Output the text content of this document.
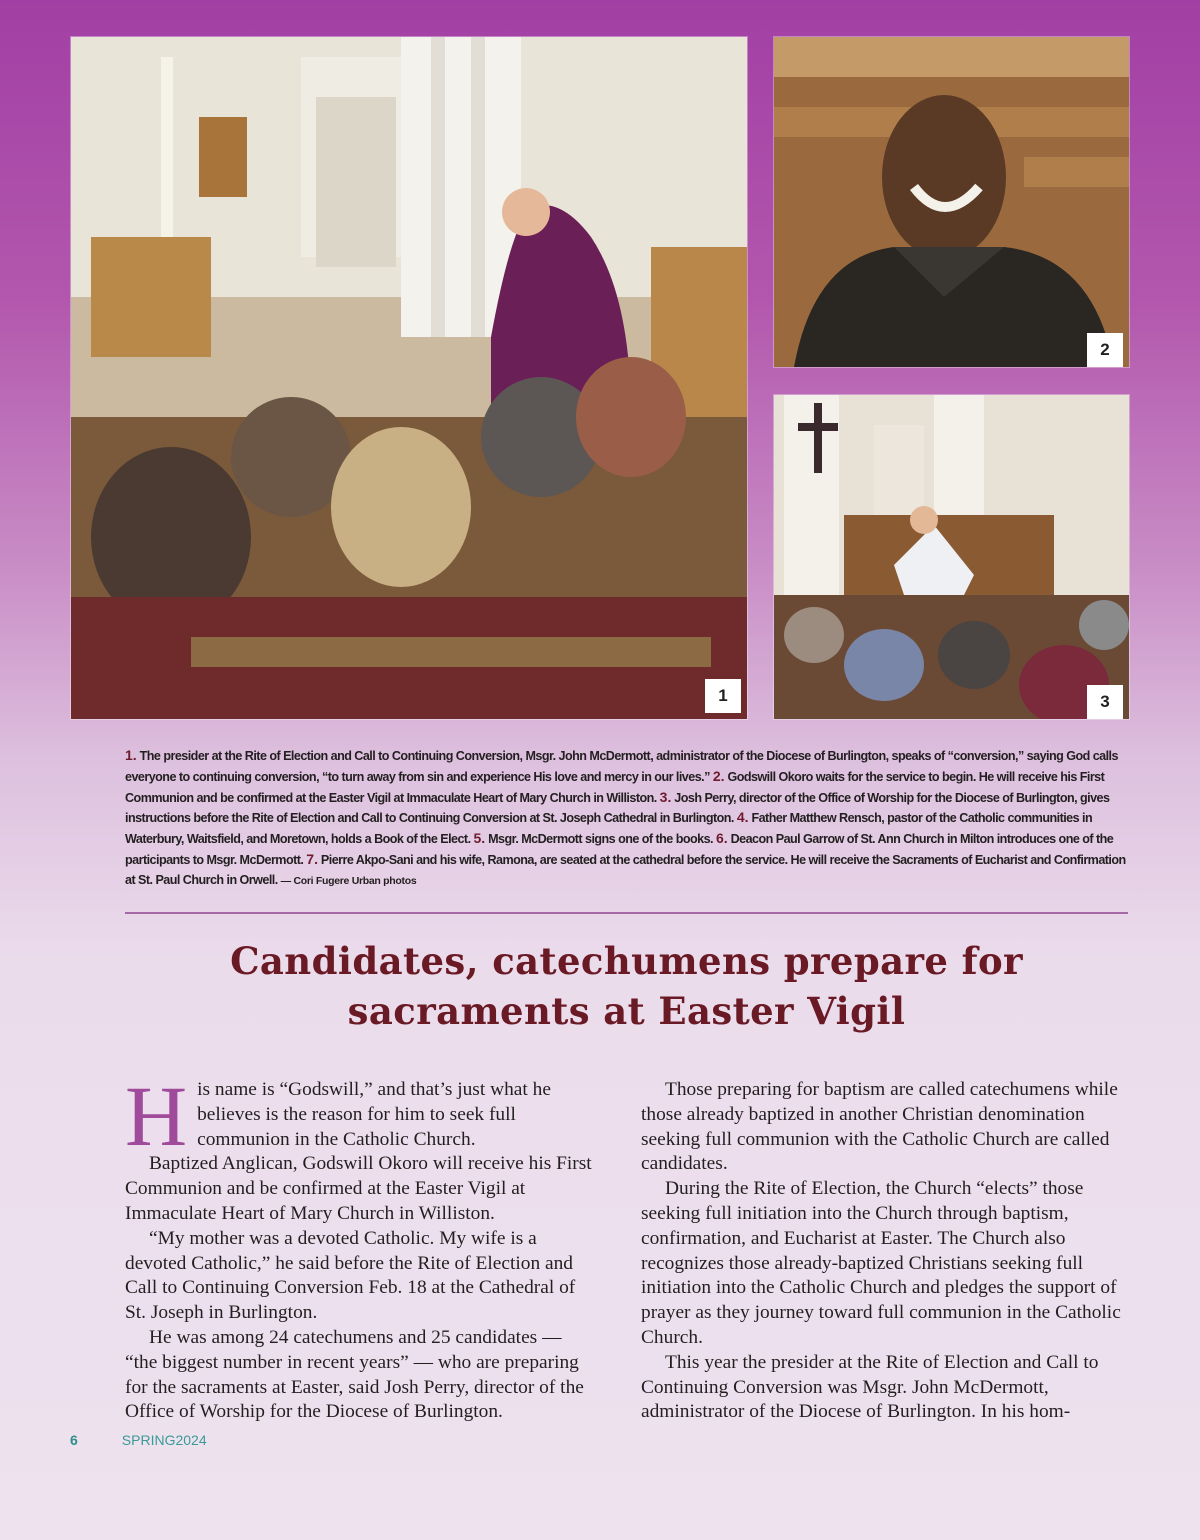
1
2
3

1. The presider at the Rite of Election and Call to Continuing Conversion, Msgr. John McDermott, administrator of the Diocese of Burlington, speaks of “conversion,” saying God calls everyone to continuing conversion, “to turn away from sin and experience His love and mercy in our lives.” 2. Godswill Okoro waits for the service to begin. He will receive his First Communion and be confirmed at the Easter Vigil at Immaculate Heart of Mary Church in Williston. 3. Josh Perry, director of the Office of Worship for the Diocese of Burlington, gives instructions before the Rite of Election and Call to Continuing Conversion at St. Joseph Cathedral in Burlington. 4. Father Matthew Rensch, pastor of the Catholic communities in Waterbury, Waitsfield, and Moretown, holds a Book of the Elect. 5. Msgr. McDermott signs one of the books. 6. Deacon Paul Garrow of St. Ann Church in Milton introduces one of the participants to Msgr. McDermott. 7. Pierre Akpo-Sani and his wife, Ramona, are seated at the cathedral before the service. He will receive the Sacraments of Eucharist and Confirmation at St. Paul Church in Orwell. — Cori Fugere Urban photos

Candidates, catechumens prepare for
sacraments at Easter Vigil

His name is “Godswill,” and that’s just what he believes is the reason for him to seek full communion in the Catholic Church.

Baptized Anglican, Godswill Okoro will receive his First Communion and be confirmed at the Easter Vigil at Immaculate Heart of Mary Church in Williston.

“My mother was a devoted Catholic. My wife is a devoted Catholic,” he said before the Rite of Election and Call to Continuing Conversion Feb. 18 at the Cathedral of St. Joseph in Burlington.

He was among 24 catechumens and 25 candidates — “the biggest number in recent years” — who are preparing for the sacraments at Easter, said Josh Perry, director of the Office of Worship for the Diocese of Burlington.

Those preparing for baptism are called catechumens while those already baptized in another Christian denomination seeking full communion with the Catholic Church are called candidates.

During the Rite of Election, the Church “elects” those seeking full initiation into the Church through baptism, confirmation, and Eucharist at Easter. The Church also recognizes those already-baptized Christians seeking full initiation into the Catholic Church and pledges the support of prayer as they journey toward full communion in the Catholic Church.

This year the presider at the Rite of Election and Call to Continuing Conversion was Msgr. John McDermott, administrator of the Diocese of Burlington. In his hom-

6	SPRING2024
